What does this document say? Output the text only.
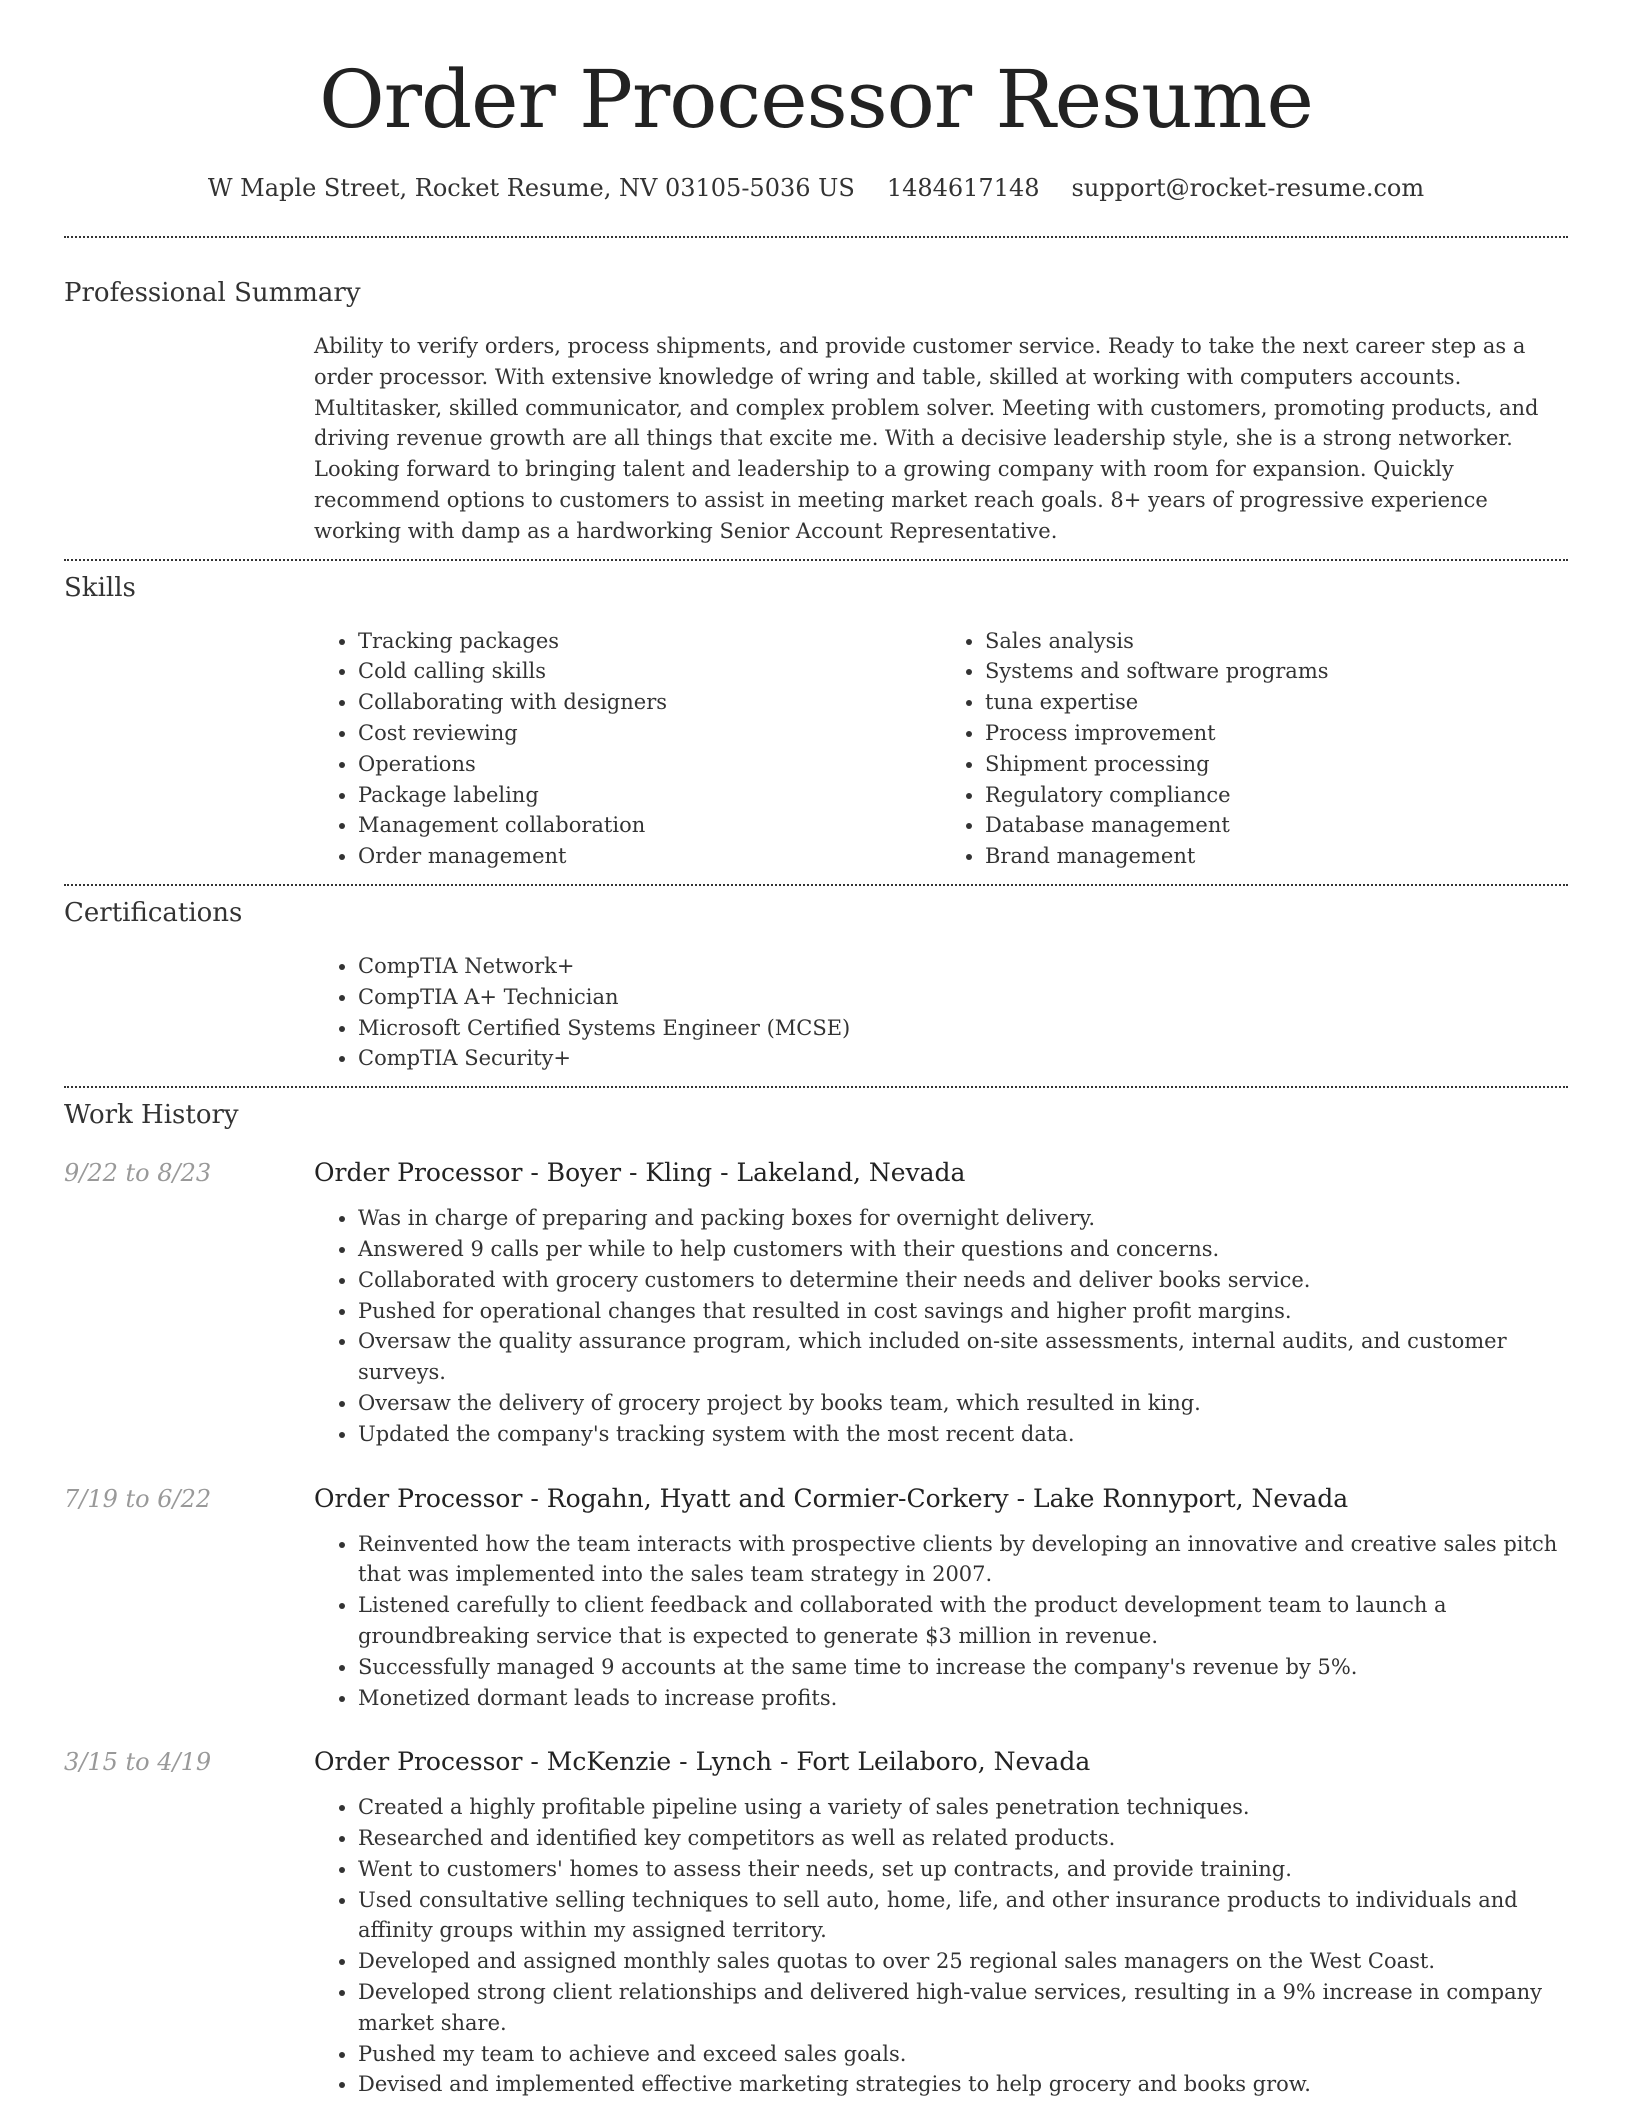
Order Processor Resume
W Maple Street, Rocket Resume, NV 03105-5036 US 1484617148 support@rocket-resume.com
Professional Summary

Ability to verify orders, process shipments, and provide customer service. Ready to take the next career step as a order processor. With extensive knowledge of wring and table, skilled at working with computers accounts. Multitasker, skilled communicator, and complex problem solver. Meeting with customers, promoting products, and driving revenue growth are all things that excite me. With a decisive leadership style, she is a strong networker. Looking forward to bringing talent and leadership to a growing company with room for expansion. Quickly recommend options to customers to assist in meeting market reach goals. 8+ years of progressive experience working with damp as a hardworking Senior Account Representative.

Skills
• Tracking packages
• Cold calling skills
• Collaborating with designers
• Cost reviewing
• Operations
• Package labeling
• Management collaboration
• Order management
• Sales analysis
• Systems and software programs
• tuna expertise
• Process improvement
• Shipment processing
• Regulatory compliance
• Database management
• Brand management
Certifications
• CompTIA Network+
• CompTIA A+ Technician
• Microsoft Certified Systems Engineer (MCSE)
• CompTIA Security+
Work History
9/22 to 8/23	Order Processor - Boyer - Kling - Lakeland, Nevada
• Was in charge of preparing and packing boxes for overnight delivery.
• Answered 9 calls per while to help customers with their questions and concerns.
• Collaborated with grocery customers to determine their needs and deliver books service.
• Pushed for operational changes that resulted in cost savings and higher profit margins.
• Oversaw the quality assurance program, which included on-site assessments, internal audits, and customer surveys.
• Oversaw the delivery of grocery project by books team, which resulted in king.
• Updated the company's tracking system with the most recent data.
7/19 to 6/22	Order Processor - Rogahn, Hyatt and Cormier-Corkery - Lake Ronnyport, Nevada
• Reinvented how the team interacts with prospective clients by developing an innovative and creative sales pitch that was implemented into the sales team strategy in 2007.
• Listened carefully to client feedback and collaborated with the product development team to launch a groundbreaking service that is expected to generate $3 million in revenue.
• Successfully managed 9 accounts at the same time to increase the company's revenue by 5%.
• Monetized dormant leads to increase profits.
3/15 to 4/19	Order Processor - McKenzie - Lynch - Fort Leilaboro, Nevada
• Created a highly profitable pipeline using a variety of sales penetration techniques.
• Researched and identified key competitors as well as related products.
• Went to customers' homes to assess their needs, set up contracts, and provide training.
• Used consultative selling techniques to sell auto, home, life, and other insurance products to individuals and affinity groups within my assigned territory.
• Developed and assigned monthly sales quotas to over 25 regional sales managers on the West Coast.
• Developed strong client relationships and delivered high-value services, resulting in a 9% increase in company market share.
• Pushed my team to achieve and exceed sales goals.
• Devised and implemented effective marketing strategies to help grocery and books grow.
